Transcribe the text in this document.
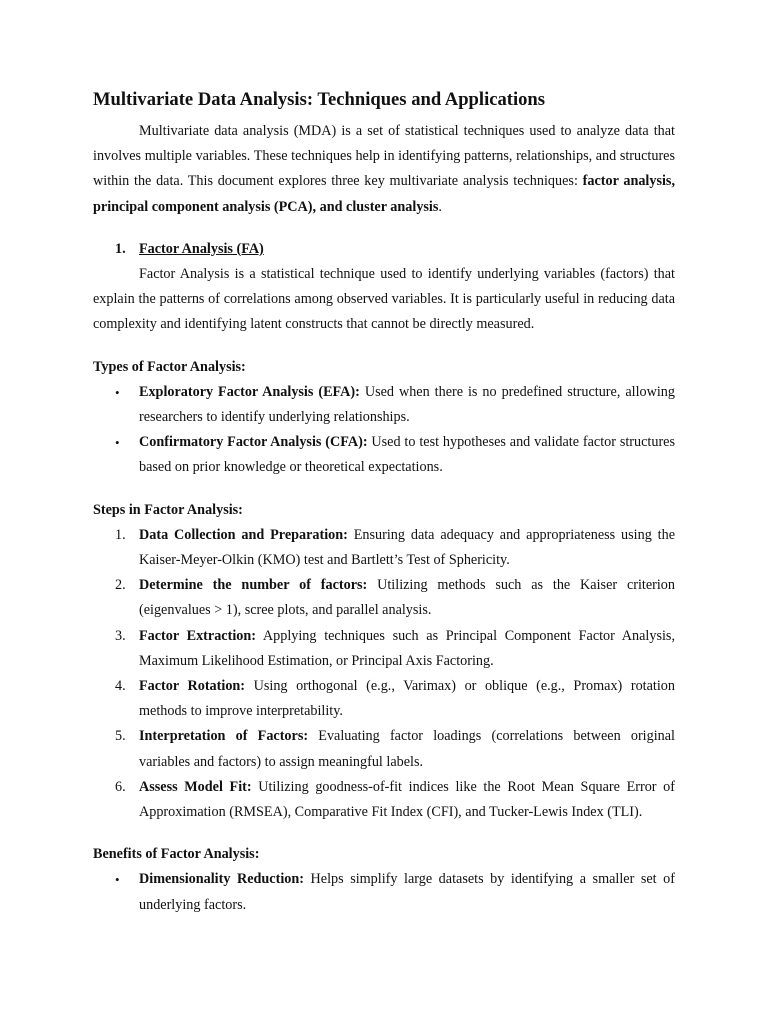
Multivariate Data Analysis: Techniques and Applications

Multivariate data analysis (MDA) is a set of statistical techniques used to analyze data that involves multiple variables. These techniques help in identifying patterns, relationships, and structures within the data. This document explores three key multivariate analysis techniques: factor analysis, principal component analysis (PCA), and cluster analysis.

1. Factor Analysis (FA)

Factor Analysis is a statistical technique used to identify underlying variables (factors) that explain the patterns of correlations among observed variables. It is particularly useful in reducing data complexity and identifying latent constructs that cannot be directly measured.

Types of Factor Analysis:
•	Exploratory Factor Analysis (EFA): Used when there is no predefined structure, allowing researchers to identify underlying relationships.
•	Confirmatory Factor Analysis (CFA): Used to test hypotheses and validate factor structures based on prior knowledge or theoretical expectations.
Steps in Factor Analysis:
1. Data Collection and Preparation: Ensuring data adequacy and appropriateness using the Kaiser-Meyer-Olkin (KMO) test and Bartlett’s Test of Sphericity.
2. Determine the number of factors: Utilizing methods such as the Kaiser criterion (eigenvalues > 1), scree plots, and parallel analysis.
3. Factor Extraction: Applying techniques such as Principal Component Factor Analysis, Maximum Likelihood Estimation, or Principal Axis Factoring.
4. Factor Rotation: Using orthogonal (e.g., Varimax) or oblique (e.g., Promax) rotation methods to improve interpretability.
5. Interpretation of Factors: Evaluating factor loadings (correlations between original variables and factors) to assign meaningful labels.
6. Assess Model Fit: Utilizing goodness-of-fit indices like the Root Mean Square Error of Approximation (RMSEA), Comparative Fit Index (CFI), and Tucker-Lewis Index (TLI).
Benefits of Factor Analysis:
•	Dimensionality Reduction: Helps simplify large datasets by identifying a smaller set of underlying factors.
